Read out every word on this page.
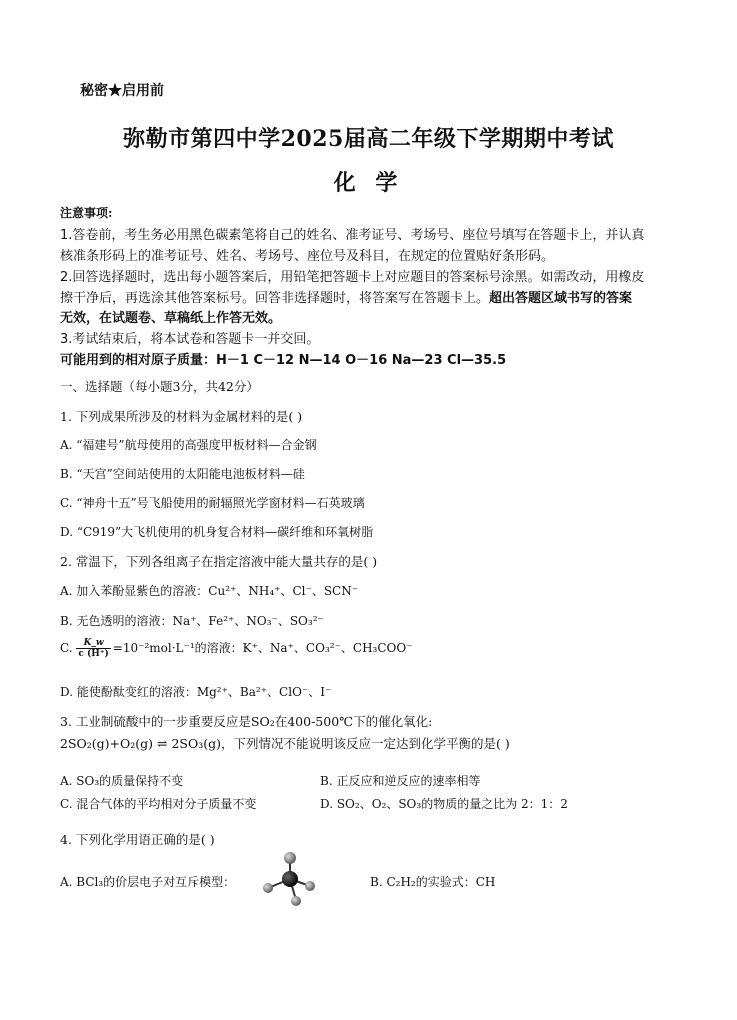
秘密★启用前
弥勒市第四中学2025届高二年级下学期期中考试
化 学
注意事项:
1.答卷前，考生务必用黑色碳素笔将自己的姓名、准考证号、考场号、座位号填写在答题卡上，并认真
核准条形码上的准考证号、姓名、考场号、座位号及科目，在规定的位置贴好条形码。
2.回答选择题时，选出每小题答案后，用铅笔把答题卡上对应题目的答案标号涂黑。如需改动，用橡皮
擦干净后，再选涂其他答案标号。回答非选择题时，将答案写在答题卡上。超出答题区域书写的答案
无效，在试题卷、草稿纸上作答无效。
3.考试结束后，将本试卷和答题卡一并交回。
可能用到的相对原子质量：H－1 C－12 N—14 O－16 Na—23 Cl—35.5
一、选择题（每小题3分，共42分）
1. 下列成果所涉及的材料为金属材料的是( )
A. “福建号”航母使用的高强度甲板材料—合金钢
B. “天宫”空间站使用的太阳能电池板材料—硅
C. “神舟十五”号飞船使用的耐辐照光学窗材料—石英玻璃
D. “C919”大飞机使用的机身复合材料—碳纤维和环氧树脂
2. 常温下，下列各组离子在指定溶液中能大量共存的是( )
A. 加入苯酚显紫色的溶液：Cu²⁺、NH₄⁺、Cl⁻、SCN⁻
B. 无色透明的溶液：Na⁺、Fe²⁺、NO₃⁻、SO₃²⁻
C. $\frac{K\_w}{c (H^+)} =10^{-2}mol\cdot L^{-1}$的溶液：K⁺、Na⁺、CO₃²⁻、CH₃COO⁻
D. 能使酚酞变红的溶液：Mg²⁺、Ba²⁺、ClO⁻、I⁻
3. 工业制硫酸中的一步重要反应是SO₂在400-500℃下的催化氧化:
2SO₂(g)+O₂(g) ⇌ 2SO₃(g)，下列情况不能说明该反应一定达到化学平衡的是( )
A. SO₃的质量保持不变	B. 正反应和逆反应的速率相等
C. 混合气体的平均相对分子质量不变	D. SO₂、O₂、SO₃的物质的量之比为 2：1：2
4. 下列化学用语正确的是( )
A. BCl₃的价层电子对互斥模型：	B. C₂H₂的实验式：CH
